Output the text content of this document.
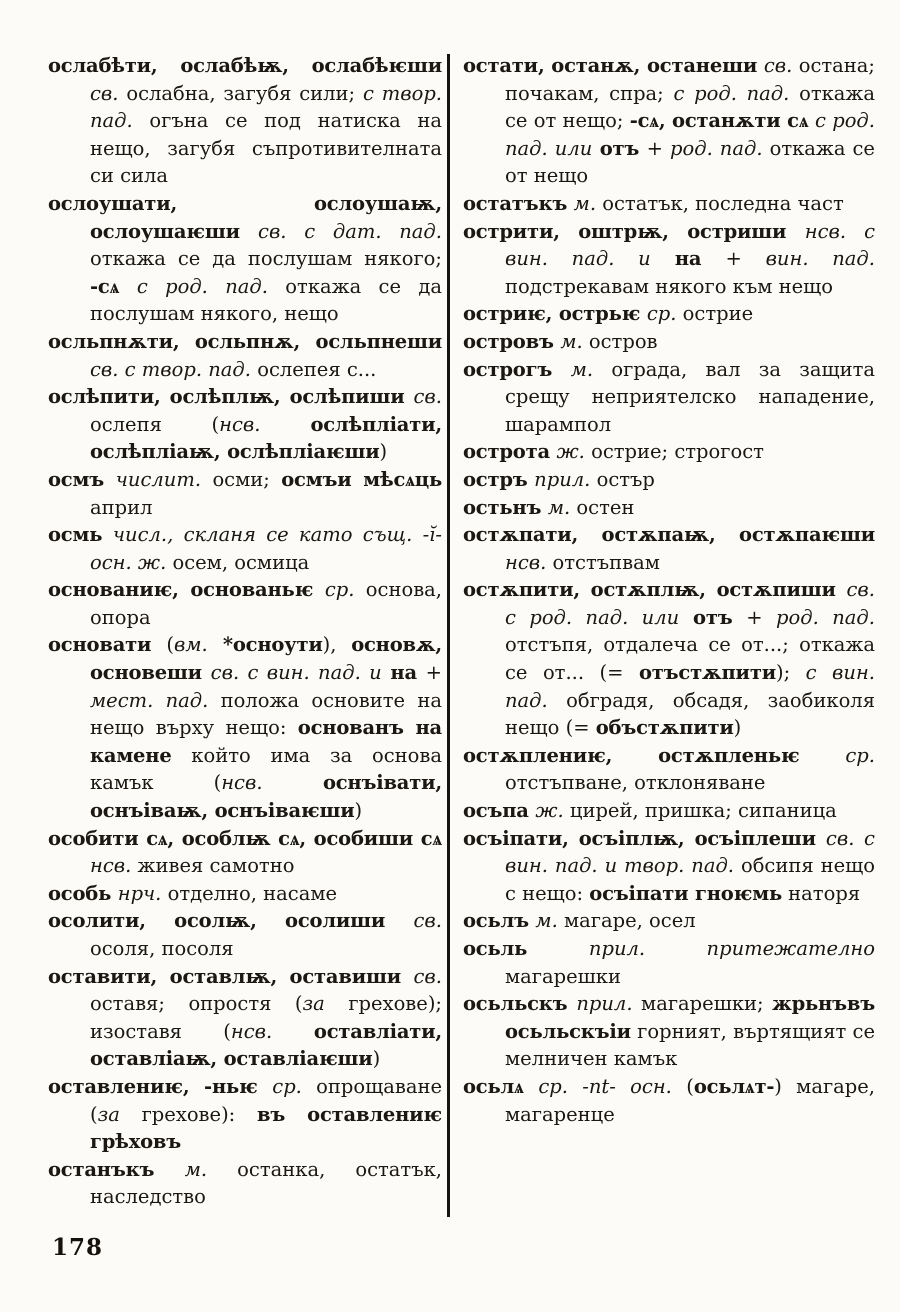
ослабѣти, ослабѣѭ, ослабѣѥши св. ослабна, загубя сили; с твор. пад. огъна се под натиска на нещо, загубя съпротивителната си сила
ослоушати, ослоушаѭ, ослоушаѥши св. с дат. пад. откажа се да послушам някого; -сѧ с род. пад. откажа се да послушам някого, нещо
осльпнѫти, осльпнѫ, осльпнеши св. с твор. пад. ослепея с...
ослѣпити, ослѣплѭ, ослѣпиши св. ослепя (нсв. ослѣпліати, ослѣпліаѭ, ослѣпліаѥши)
осмъ числит. осми; осмъи мѣсѧць април
осмь числ., скланя се като същ. -ĭ- осн. ж. осем, осмица
основаниѥ, основаньѥ ср. основа, опора
основати (вм. *осноути), основѫ, основеши св. с вин. пад. и на + мест. пад. положа основите на нещо върху нещо: основанъ на камене който има за основа камък (нсв. оснъівати, оснъіваѭ, оснъіваѥши)
особити сѧ, особлѭ сѧ, особиши сѧ нсв. живея самотно
особь нрч. отделно, насаме
осолити, осолѭ, осолиши св. осоля, посоля
оставити, оставлѭ, оставиши св. оставя; опростя (за грехове); изоставя (нсв. оставліати, оставліаѭ, оставліаѥши)
оставлениѥ, -ньѥ ср. опрощаване (за грехове): въ оставлениѥ грѣховъ
останъкъ м. останка, остатък, наследство
остати, останѫ, останеши св. остана; почакам, спра; с род. пад. откажа се от нещо; -сѧ, останѫти сѧ с род. пад. или отъ + род. пад. откажа се от нещо
остатъкъ м. остатък, последна част
острити, оштрѭ, остриши нсв. с вин. пад. и на + вин. пад. подстрекавам някого към нещо
остриѥ, острьѥ ср. острие
островъ м. остров
острогъ м. ограда, вал за защита срещу неприятелско нападение, шарампол
острота ж. острие; строгост
остръ прил. остър
остьнъ м. остен
остѫпати, остѫпаѭ, остѫпаѥши нсв. отстъпвам
остѫпити, остѫплѭ, остѫпиши св. с род. пад. или отъ + род. пад. отстъпя, отдалеча се от...; откажа се от... (= отъстѫпити); с вин. пад. обградя, обсадя, заобиколя нещо (= объстѫпити)
остѫплениѥ, остѫпленьѥ ср. отстъпване, отклоняване
осъпа ж. цирей, пришка; сипаница
осъіпати, осъіплѭ, осъіплеши св. с вин. пад. и твор. пад. обсипя нещо с нещо: осъіпати гноѥмь наторя
осьлъ м. магаре, осел
осьль прил. притежателно магарешки
осьльскъ прил. магарешки; жрьнъвъ осьльскъіи горният, въртящият се мелничен камък
осьлѧ ср. -nt- осн. (осьлѧт-) магаре, магаренце
178
